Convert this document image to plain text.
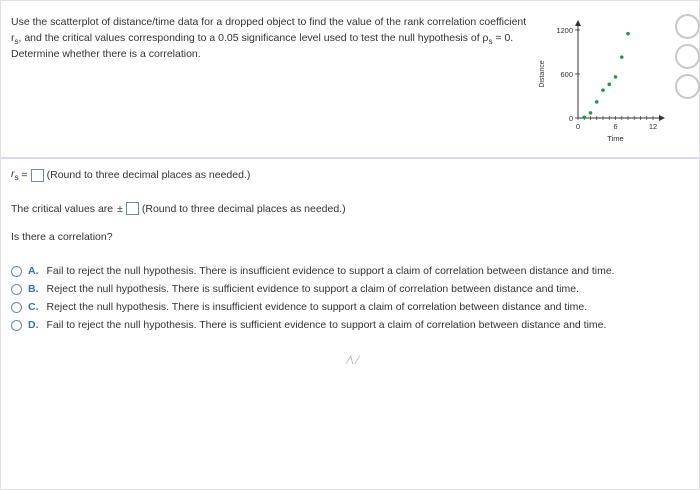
Use the scatterplot of distance/time data for a dropped object to find the value of the rank correlation coefficient $r_s$, and the critical values corresponding to a 0.05 significance level used to test the null hypothesis of $\rho_s = 0$. Determine whether there is a correlation.
0
600
1200
0	6	12
Time
Distance
$r_s$ = (Round to three decimal places as needed.)
The critical values are ± (Round to three decimal places as needed.)
Is there a correlation?
A. Fail to reject the null hypothesis. There is insufficient evidence to support a claim of correlation between distance and time.
B. Reject the null hypothesis. There is sufficient evidence to support a claim of correlation between distance and time.
C. Reject the null hypothesis. There is insufficient evidence to support a claim of correlation between distance and time.
D. Fail to reject the null hypothesis. There is sufficient evidence to support a claim of correlation between distance and time.
⁄\ ⁄
